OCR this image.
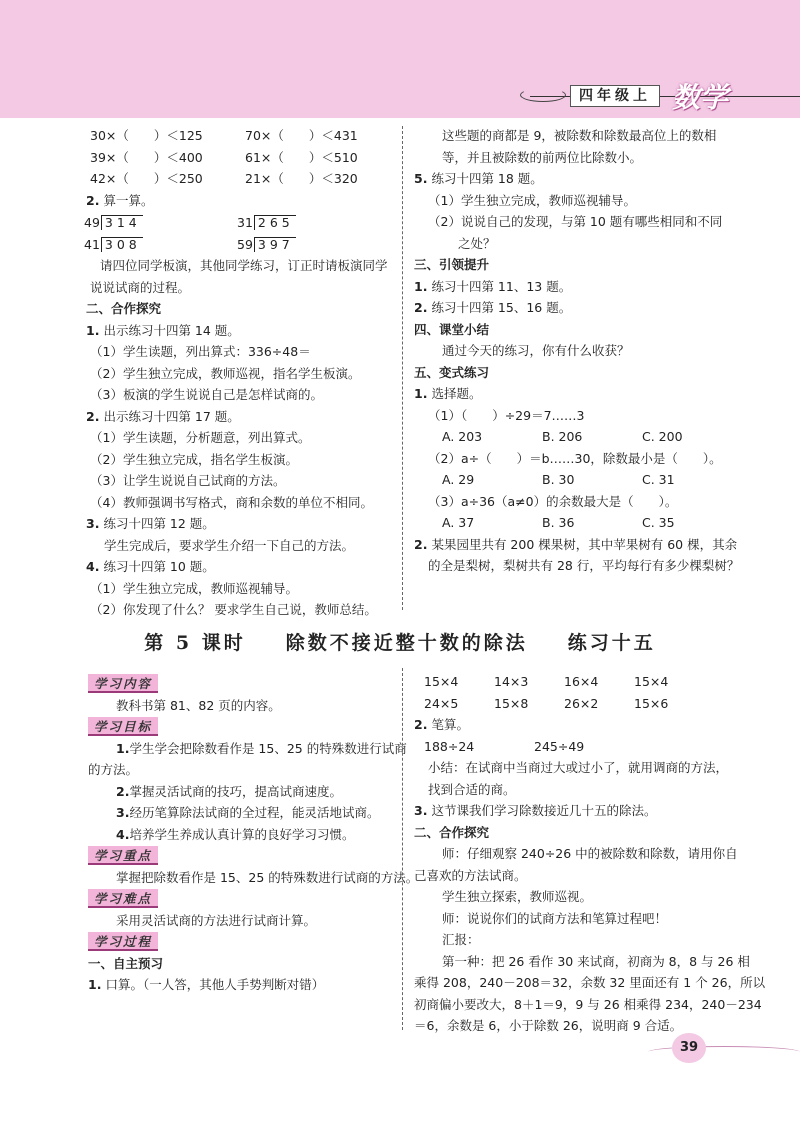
四年级上 数学
30×（　　）＜125	70×（　　）＜431
39×（　　）＜400	61×（　　）＜510
42×（　　）＜250	21×（　　）＜320
2. 算一算。
49 314	31 265
41 308	59 397
请四位同学板演，其他同学练习，订正时请板演同学
说说试商的过程。
二、合作探究
1. 出示练习十四第 14 题。
（1）学生读题，列出算式：336÷48＝
（2）学生独立完成，教师巡视，指名学生板演。
（3）板演的学生说说自己是怎样试商的。
2. 出示练习十四第 17 题。
（1）学生读题，分析题意，列出算式。
（2）学生独立完成，指名学生板演。
（3）让学生说说自己试商的方法。
（4）教师强调书写格式，商和余数的单位不相同。
3. 练习十四第 12 题。
学生完成后，要求学生介绍一下自己的方法。
4. 练习十四第 10 题。
（1）学生独立完成，教师巡视辅导。
（2）你发现了什么？ 要求学生自己说，教师总结。
这些题的商都是 9，被除数和除数最高位上的数相
等，并且被除数的前两位比除数小。
5. 练习十四第 18 题。
（1）学生独立完成，教师巡视辅导。
（2）说说自己的发现，与第 10 题有哪些相同和不同
之处？
三、引领提升
1. 练习十四第 11、13 题。
2. 练习十四第 15、16 题。
四、课堂小结
通过今天的练习，你有什么收获？
五、变式练习
1. 选择题。
（1）（　　）÷29＝7……3
A. 203	B. 206	C. 200
（2）a÷（　　）＝b……30，除数最小是（　　）。
A. 29	B. 30	C. 31
（3）a÷36（a≠0）的余数最大是（　　）。
A. 37	B. 36	C. 35
2. 某果园里共有 200 棵果树，其中苹果树有 60 棵，其余
的全是梨树，梨树共有 28 行，平均每行有多少棵梨树？
第 5 课时 除数不接近整十数的除法 练习十五
学习内容
教科书第 81、82 页的内容。
学习目标
1.学生学会把除数看作是 15、25 的特殊数进行试商
的方法。
2.掌握灵活试商的技巧，提高试商速度。
3.经历笔算除法试商的全过程，能灵活地试商。
4.培养学生养成认真计算的良好学习习惯。
学习重点
掌握把除数看作是 15、25 的特殊数进行试商的方法。
学习难点
采用灵活试商的方法进行试商计算。
学习过程
一、自主预习
1. 口算。（一人答，其他人手势判断对错）
15×4	14×3	16×4	15×4
24×5	15×8	26×2	15×6
2. 笔算。
188÷24	245÷49
小结：在试商中当商过大或过小了，就用调商的方法，
找到合适的商。
3. 这节课我们学习除数接近几十五的除法。
二、合作探究
师：仔细观察 240÷26 中的被除数和除数，请用你自
己喜欢的方法试商。
学生独立探索，教师巡视。
师：说说你们的试商方法和笔算过程吧！
汇报：
第一种：把 26 看作 30 来试商，初商为 8，8 与 26 相
乘得 208，240－208＝32，余数 32 里面还有 1 个 26，所以
初商偏小要改大，8＋1＝9，9 与 26 相乘得 234，240－234
＝6，余数是 6，小于除数 26，说明商 9 合适。
39
